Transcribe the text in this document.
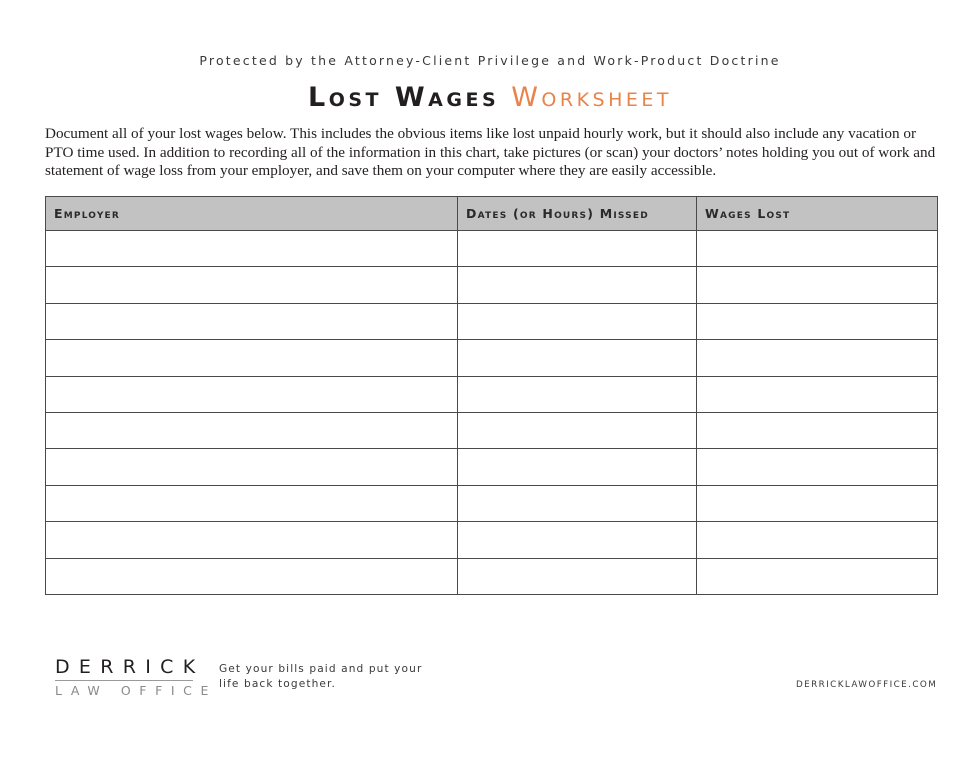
Protected by the Attorney-Client Privilege and Work-Product Doctrine
Lost Wages Worksheet
Document all of your lost wages below. This includes the obvious items like lost unpaid hourly work, but it should also include any vacation or PTO time used. In addition to recording all of the information in this chart, take pictures (or scan) your doctors’ notes holding you out of work and statement of wage loss from your employer, and save them on your computer where they are easily accessible.
Employer	Dates (or Hours) Missed	Wages Lost

DERRICK
LAW OFFICE
Get your bills paid and put your
life back together.	DERRICKLAWOFFICE.COM
